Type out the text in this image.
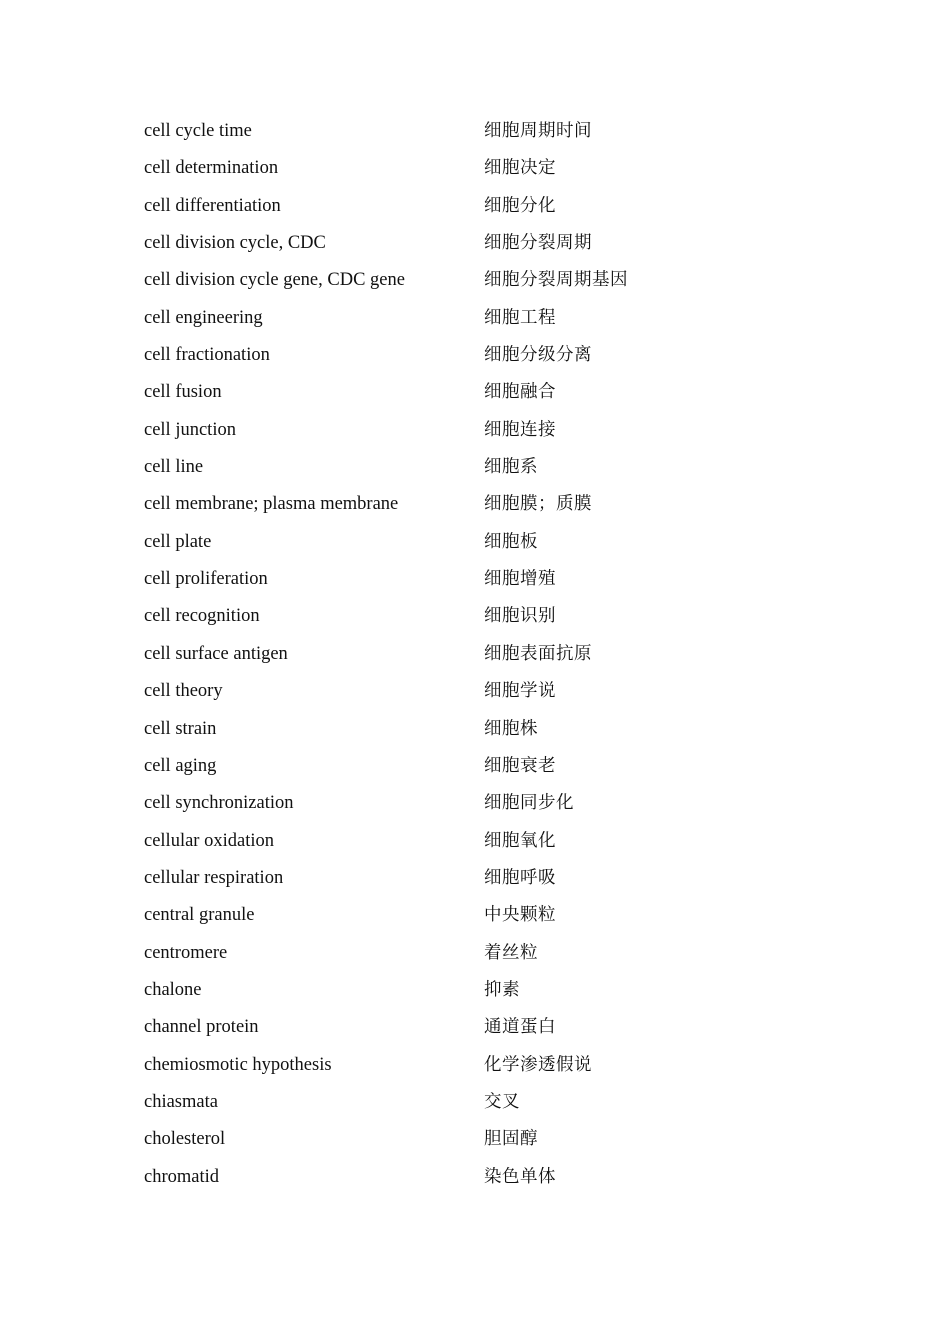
cell cycle time	细胞周期时间
cell determination	细胞决定
cell differentiation	细胞分化
cell division cycle, CDC	细胞分裂周期
cell division cycle gene, CDC gene	细胞分裂周期基因
cell engineering	细胞工程
cell fractionation	细胞分级分离
cell fusion	细胞融合
cell junction	细胞连接
cell line	细胞系
cell membrane; plasma membrane	细胞膜；质膜
cell plate	细胞板
cell proliferation	细胞增殖
cell recognition	细胞识别
cell surface antigen	细胞表面抗原
cell theory	细胞学说
cell strain	细胞株
cell aging	细胞衰老
cell synchronization	细胞同步化
cellular oxidation	细胞氧化
cellular respiration	细胞呼吸
central granule	中央颗粒
centromere	着丝粒
chalone	抑素
channel protein	通道蛋白
chemiosmotic hypothesis	化学渗透假说
chiasmata	交叉
cholesterol	胆固醇
chromatid	染色单体
